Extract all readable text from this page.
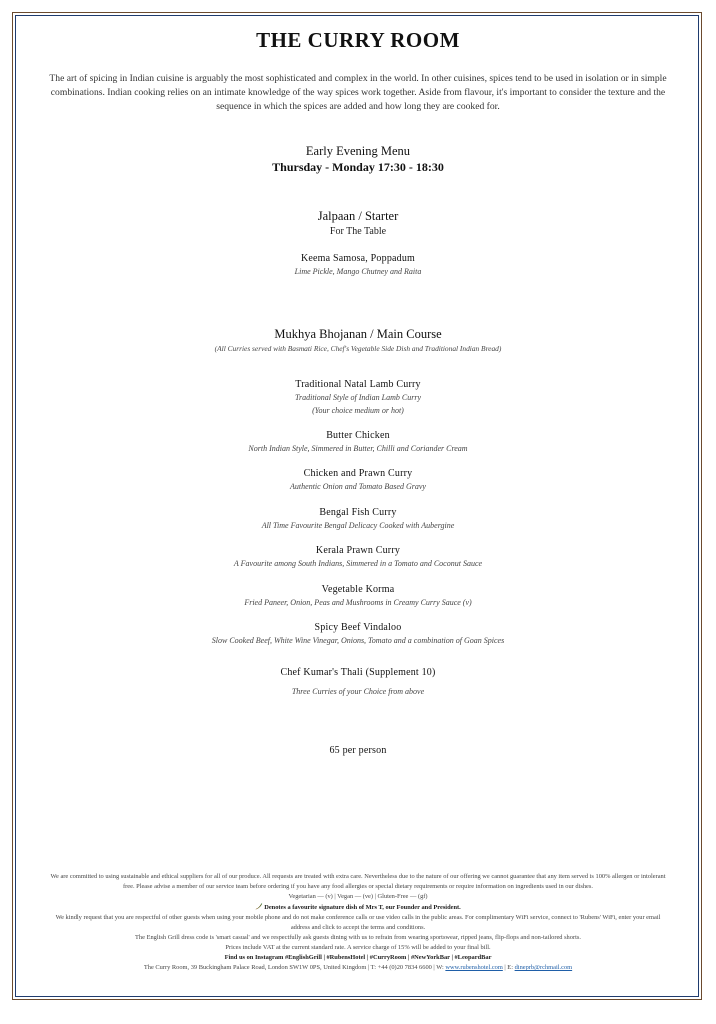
THE CURRY ROOM
The art of spicing in Indian cuisine is arguably the most sophisticated and complex in the world. In other cuisines, spices tend to be used in isolation or in simple combinations. Indian cooking relies on an intimate knowledge of the way spices work together. Aside from flavour, it's important to consider the texture and the sequence in which the spices are added and how long they are cooked for.
Early Evening Menu
Thursday - Monday 17:30 - 18:30
Jalpaan / Starter
For The Table
Keema Samosa, Poppadum
Lime Pickle, Mango Chutney and Raita
Mukhya Bhojanan / Main Course
(All Curries served with Basmati Rice, Chef's Vegetable Side Dish and Traditional Indian Bread)
Traditional Natal Lamb Curry
Traditional Style of Indian Lamb Curry
(Your choice medium or hot)
Butter Chicken
North Indian Style, Simmered in Butter, Chilli and Coriander Cream
Chicken and Prawn Curry
Authentic Onion and Tomato Based Gravy
Bengal Fish Curry
All Time Favourite Bengal Delicacy Cooked with Aubergine
Kerala Prawn Curry
A Favourite among South Indians, Simmered in a Tomato and Coconut Sauce
Vegetable Korma
Fried Paneer, Onion, Peas and Mushrooms in Creamy Curry Sauce (v)
Spicy Beef Vindaloo
Slow Cooked Beef, White Wine Vinegar, Onions, Tomato and a combination of Goan Spices
Chef Kumar's Thali (Supplement 10)
Three Curries of your Choice from above
65 per person
We are committed to using sustainable and ethical suppliers for all of our produce. All requests are treated with extra care. Nevertheless due to the nature of our offering we cannot guarantee that any item served is 100% allergen or intolerant free. Please advise a member of our service team before ordering if you have any food allergies or special dietary requirements or require information on ingredients used in our dishes.
Vegetarian — (v) | Vegan — (ve) | Gluten-Free — (gf)
Denotes a favourite signature dish of Mrs T, our Founder and President.
We kindly request that you are respectful of other guests when using your mobile phone and do not make conference calls or use video calls in the public areas. For complimentary WiFi service, connect to 'Rubens' WiFi, enter your email address and click to accept the terms and conditions.
The English Grill dress code is 'smart casual' and we respectfully ask guests dining with us to refrain from wearing sportswear, ripped jeans, flip-flops and non-tailored shorts.
Prices include VAT at the current standard rate. A service charge of 15% will be added to your final bill.
Find us on Instagram #EnglishGrill | #RubensHotel | #CurryRoom | #NewYorkBar | #LeopardBar
The Curry Room, 39 Buckingham Palace Road, London SW1W 0PS, United Kingdom | T: +44 (0)20 7834 6600 | W: www.rubenshotel.com | E: dineprb@rchmail.com
